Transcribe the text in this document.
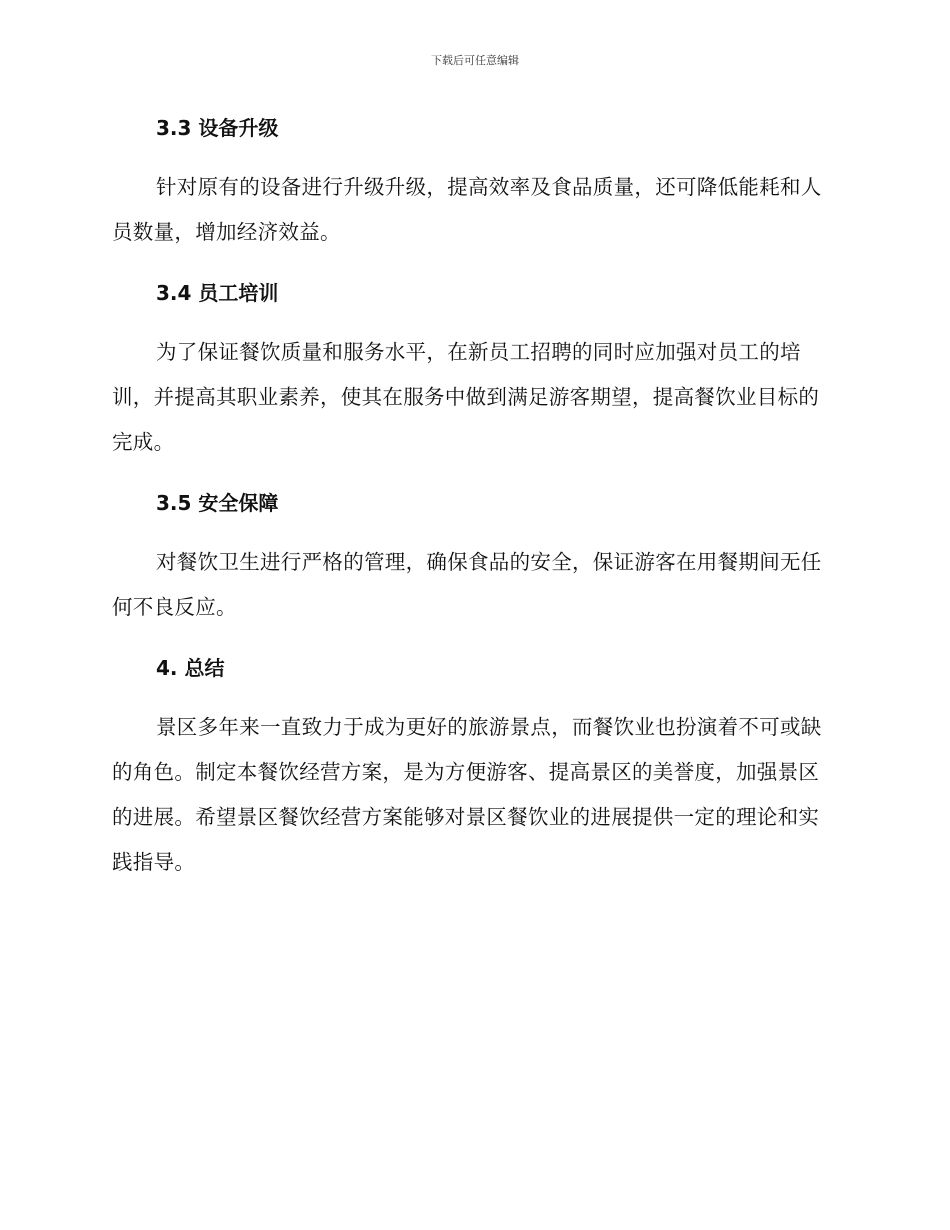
下载后可任意编辑
3.3 设备升级

针对原有的设备进行升级升级，提高效率及食品质量，还可降低能耗和人员数量，增加经济效益。

3.4 员工培训

为了保证餐饮质量和服务水平，在新员工招聘的同时应加强对员工的培训，并提高其职业素养，使其在服务中做到满足游客期望，提高餐饮业目标的完成。

3.5 安全保障

对餐饮卫生进行严格的管理，确保食品的安全，保证游客在用餐期间无任何不良反应。

4. 总结

景区多年来一直致力于成为更好的旅游景点，而餐饮业也扮演着不可或缺的角色。制定本餐饮经营方案，是为方便游客、提高景区的美誉度，加强景区的进展。希望景区餐饮经营方案能够对景区餐饮业的进展提供一定的理论和实践指导。
